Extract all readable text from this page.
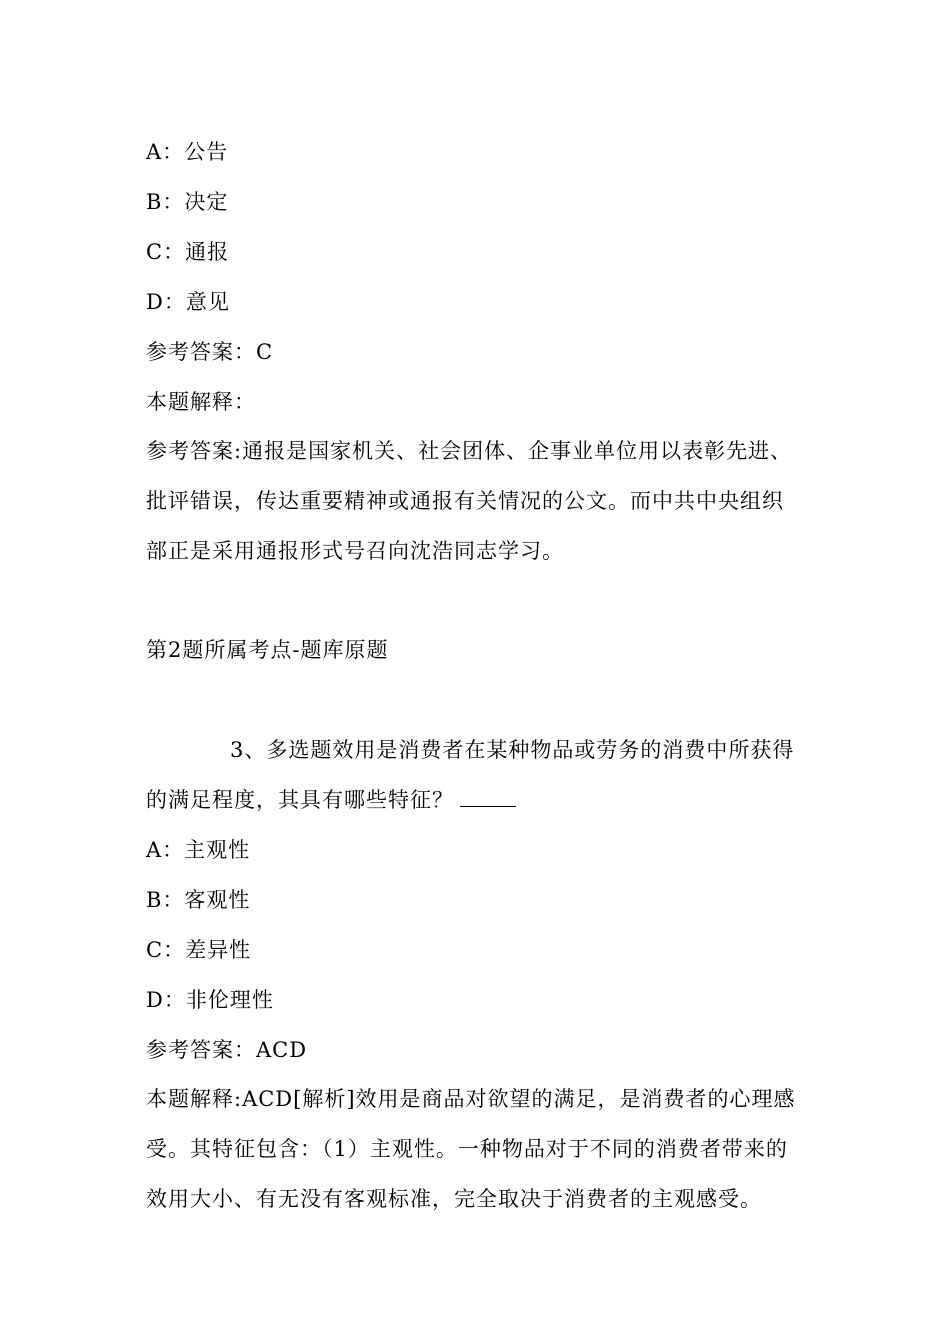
A：公告
B：决定
C：通报
D：意见
参考答案：C
本题解释：
参考答案:通报是国家机关、社会团体、企事业单位用以表彰先进、
批评错误，传达重要精神或通报有关情况的公文。而中共中央组织
部正是采用通报形式号召向沈浩同志学习。
第2题所属考点-题库原题
3、多选题效用是消费者在某种物品或劳务的消费中所获得
的满足程度，其具有哪些特征？
A：主观性
B：客观性
C：差异性
D：非伦理性
参考答案：ACD
本题解释:ACD[解析]效用是商品对欲望的满足，是消费者的心理感
受。其特征包含：（1）主观性。一种物品对于不同的消费者带来的
效用大小、有无没有客观标准，完全取决于消费者的主观感受。
